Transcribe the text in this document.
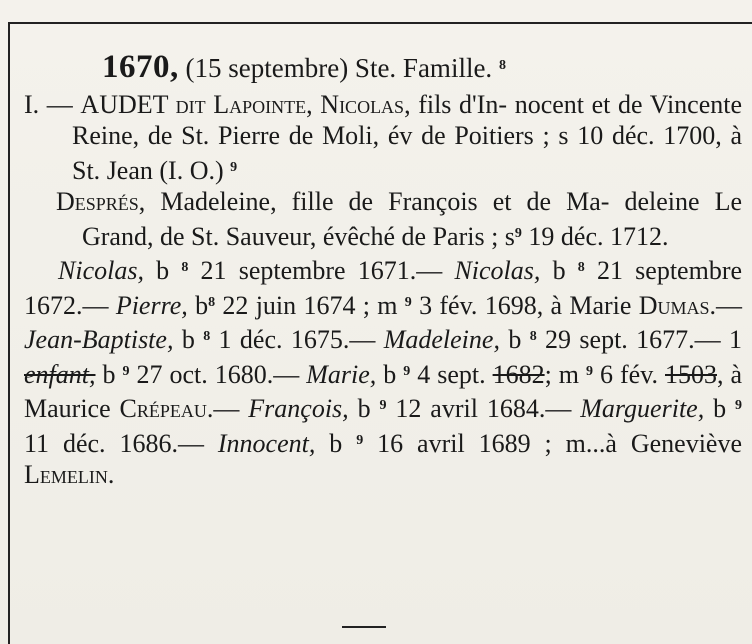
1670, (15 septembre) Ste. Famille. $^8$
I. — AUDET dit Lapointe, Nicolas, fils d'In- nocent et de Vincente Reine, de St. Pierre de Moli, év de Poitiers ; s 10 déc. 1700, à St. Jean (I. O.) $^9$
Després, Madeleine, fille de François et de Ma- deleine Le Grand, de St. Sauveur, évêché de Paris ; $s^9$ 19 déc. 1712.
Nicolas, b $^8$ 21 septembre 1671.— Nicolas, b $^8$ 21 septembre 1672.— Pierre, $b^8$ 22 juin 1674 ; m $^9$ 3 fév. 1698, à Marie Dumas.—Jean-Baptiste, b $^8$ 1 déc. 1675.— Madeleine, b $^8$ 29 sept. 1677.— 1 enfant, b $^9$ 27 oct. 1680.— Marie, b $^9$ 4 sept. 1682; m $^9$ 6 fév. 1503, à Maurice Crépeau.— François, b $^9$ 12 avril 1684.— Marguerite, b $^9$ 11 déc. 1686.— Innocent, b $^9$ 16 avril 1689 ; m...à Geneviève Lemelin.
